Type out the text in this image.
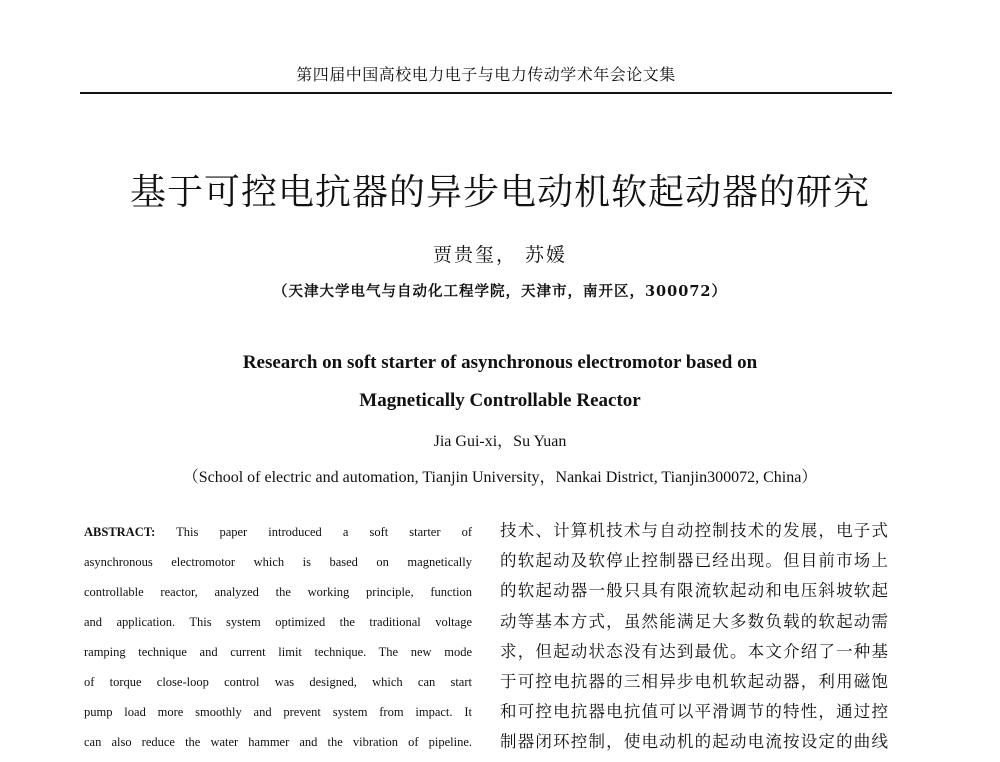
第四届中国高校电力电子与电力传动学术年会论文集
基于可控电抗器的异步电动机软起动器的研究
贾贵玺， 苏媛
（天津大学电气与自动化工程学院，天津市，南开区，300072）
Research on soft starter of asynchronous electromotor based on
Magnetically Controllable Reactor
Jia Gui-xi，Su Yuan
（School of electric and automation, Tianjin University，Nankai District, Tianjin300072, China）
ABSTRACT: This paper introduced a soft starter of
asynchronous electromotor which is based on magnetically
controllable reactor, analyzed the working principle, function
and application. This system optimized the traditional voltage
ramping technique and current limit technique. The new mode
of torque close-loop control was designed, which can start
pump load more smoothly and prevent system from impact. It
can also reduce the water hammer and the vibration of pipeline.
技术、计算机技术与自动控制技术的发展，电子式
的软起动及软停止控制器已经出现。但目前市场上
的软起动器一般只具有限流软起动和电压斜坡软起
动等基本方式，虽然能满足大多数负载的软起动需
求，但起动状态没有达到最优。本文介绍了一种基
于可控电抗器的三相异步电机软起动器，利用磁饱
和可控电抗器电抗值可以平滑调节的特性，通过控
制器闭环控制，使电动机的起动电流按设定的曲线
